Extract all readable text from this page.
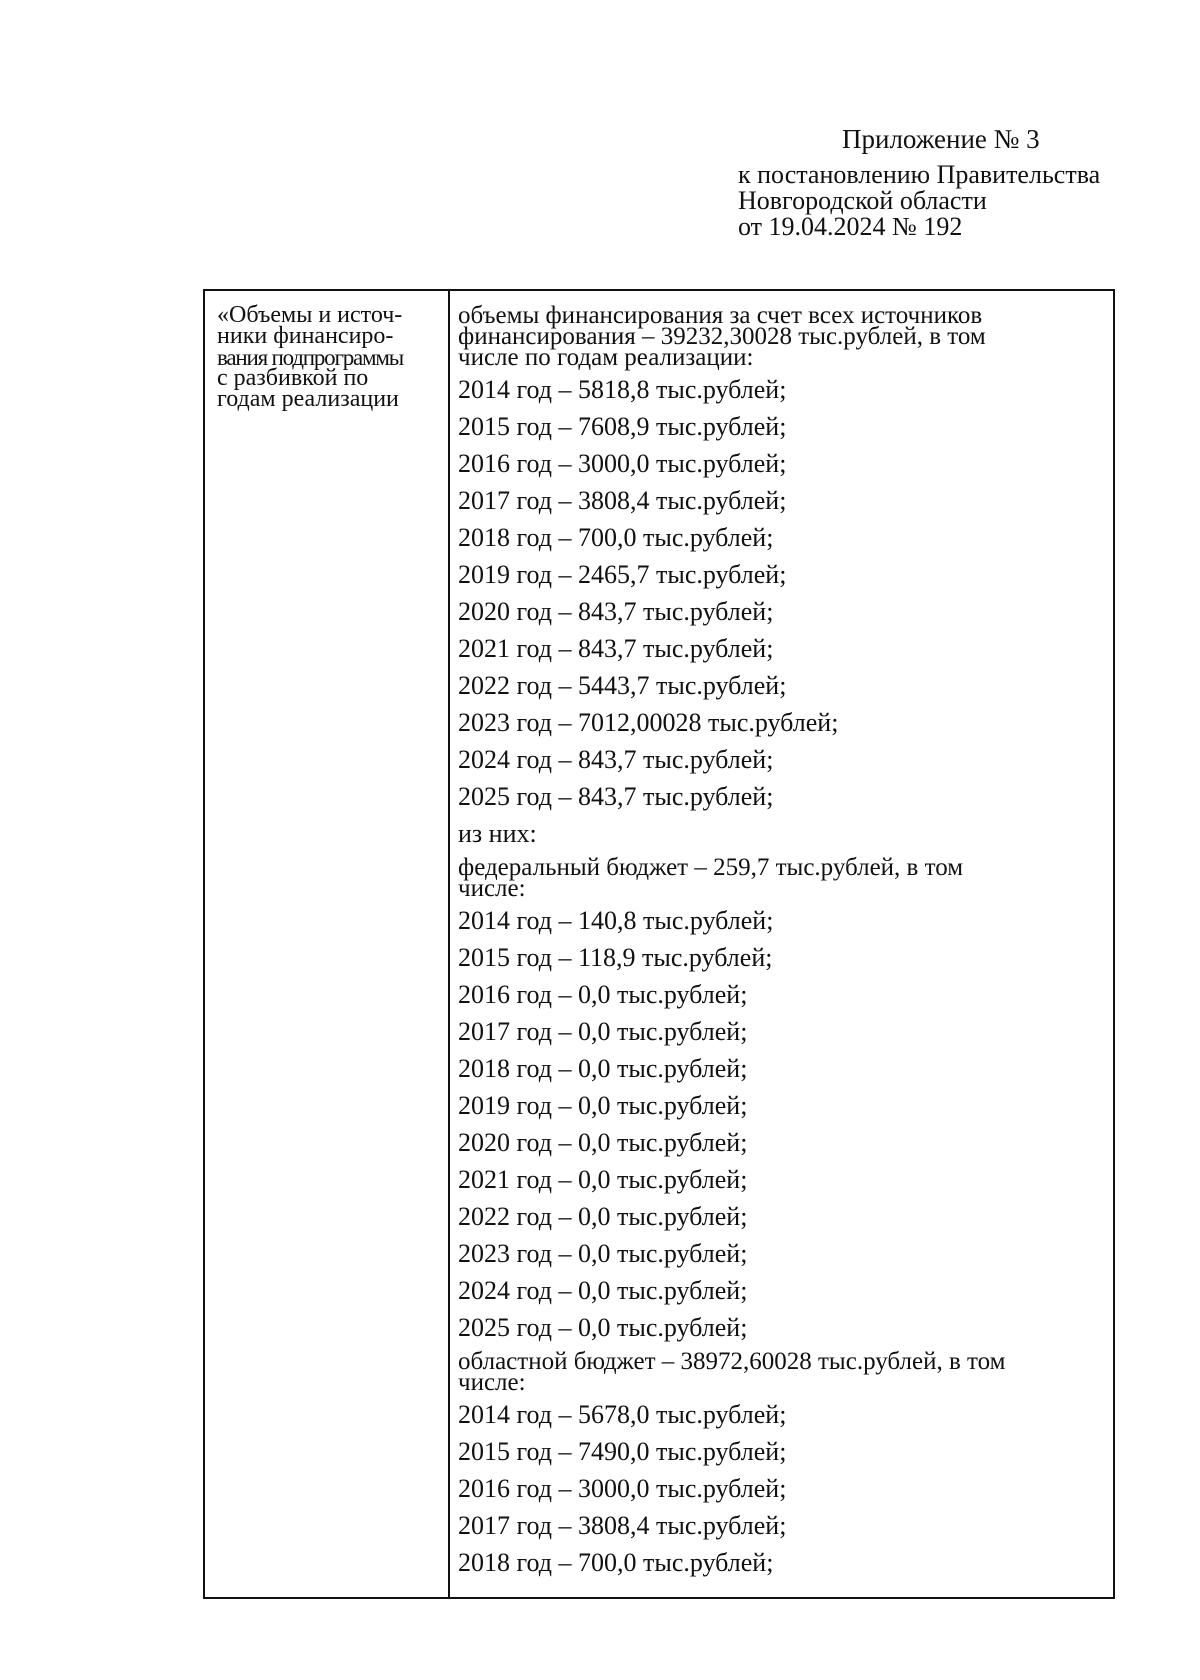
Приложение № 3
к постановлению Правительства
Новгородской области
от 19.04.2024 № 192
«Объемы и источ-
ники финансиро-
вания подпрограммы
с разбивкой по
годам реализации
объемы финансирования за счет всех источников
финансирования – 39232,30028 тыс.рублей, в том
числе по годам реализации:
2014 год – 5818,8 тыс.рублей;
2015 год – 7608,9 тыс.рублей;
2016 год – 3000,0 тыс.рублей;
2017 год – 3808,4 тыс.рублей;
2018 год – 700,0 тыс.рублей;
2019 год – 2465,7 тыс.рублей;
2020 год – 843,7 тыс.рублей;
2021 год – 843,7 тыс.рублей;
2022 год – 5443,7 тыс.рублей;
2023 год – 7012,00028 тыс.рублей;
2024 год – 843,7 тыс.рублей;
2025 год – 843,7 тыс.рублей;
из них:
федеральный бюджет – 259,7 тыс.рублей, в том
числе:
2014 год – 140,8 тыс.рублей;
2015 год – 118,9 тыс.рублей;
2016 год – 0,0 тыс.рублей;
2017 год – 0,0 тыс.рублей;
2018 год – 0,0 тыс.рублей;
2019 год – 0,0 тыс.рублей;
2020 год – 0,0 тыс.рублей;
2021 год – 0,0 тыс.рублей;
2022 год – 0,0 тыс.рублей;
2023 год – 0,0 тыс.рублей;
2024 год – 0,0 тыс.рублей;
2025 год – 0,0 тыс.рублей;
областной бюджет – 38972,60028 тыс.рублей, в том
числе:
2014 год – 5678,0 тыс.рублей;
2015 год – 7490,0 тыс.рублей;
2016 год – 3000,0 тыс.рублей;
2017 год – 3808,4 тыс.рублей;
2018 год – 700,0 тыс.рублей;
